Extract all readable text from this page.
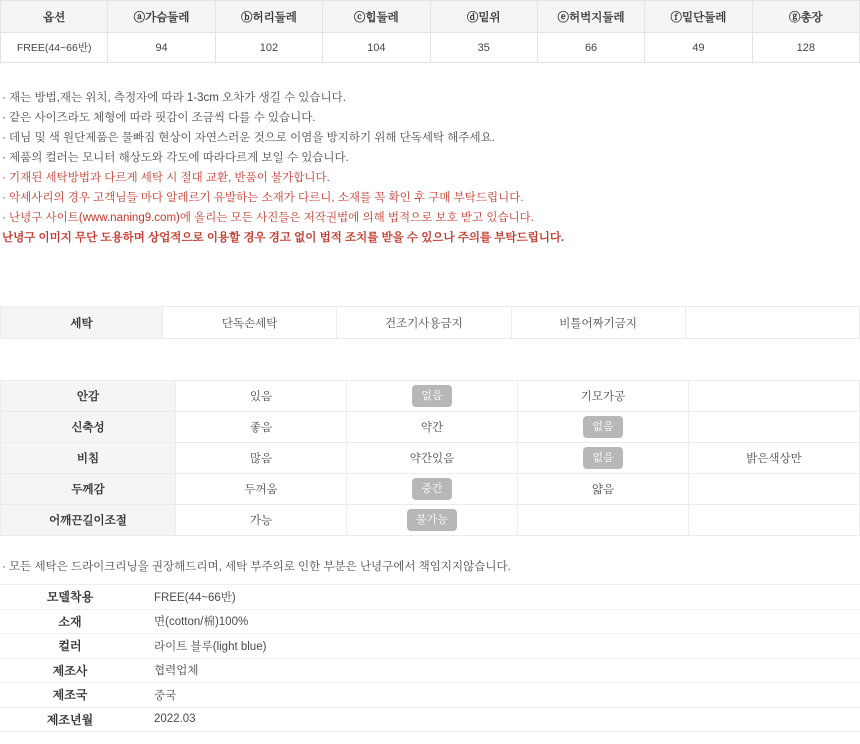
옵션	ⓐ가슴둘레	ⓑ허리둘레	ⓒ힙둘레	ⓓ밑위	ⓔ허벅지둘레	ⓕ밑단둘레	ⓖ총장
FREE(44~66반)	94	102	104	35	66	49	128
· 재는 방법,재는 위치, 측정자에 따라 1-3cm 오차가 생길 수 있습니다.
· 같은 사이즈라도 체형에 따라 핏감이 조금씩 다를 수 있습니다.
· 데님 및 색 원단제품은 물빠짐 현상이 자연스러운 것으로 이염을 방지하기 위해 단독세탁 해주세요.
· 제품의 컬러는 모니터 해상도와 각도에 따라다르게 보일 수 있습니다.
· 기재된 세탁방법과 다르게 세탁 시 절대 교환, 반품이 불가합니다.
· 악세사리의 경우 고객님들 마다 알레르기 유발하는 소재가 다르니, 소재를 꼭 확인 후 구매 부탁드립니다.
· 난녕구 사이트(www.naning9.com)에 올리는 모든 사진들은 저작권법에 의해 법적으로 보호 받고 있습니다.
난녕구 이미지 무단 도용하며 상업적으로 이용할 경우 경고 없이 법적 조치를 받을 수 있으나 주의를 부탁드립니다.
세탁	단독손세탁	건조기사용금지	비틀어짜기금지	
안감	있음	없음	기모가공	
신축성	좋음	약간	없음	
비침	많음	약간있음	없음	밝은색상만
두께감	두꺼움	중간	얇음	
어깨끈길이조절	가능	불가능		
· 모든 세탁은 드라이크리닝을 권장해드리며, 세탁 부주의로 인한 부분은 난녕구에서 책임지지않습니다.
모델착용	FREE(44~66반)
소재	면(cotton/棉)100%
컬러	라이트 블루(light blue)
제조사	협력업체
제조국	중국
제조년월	2022.03
